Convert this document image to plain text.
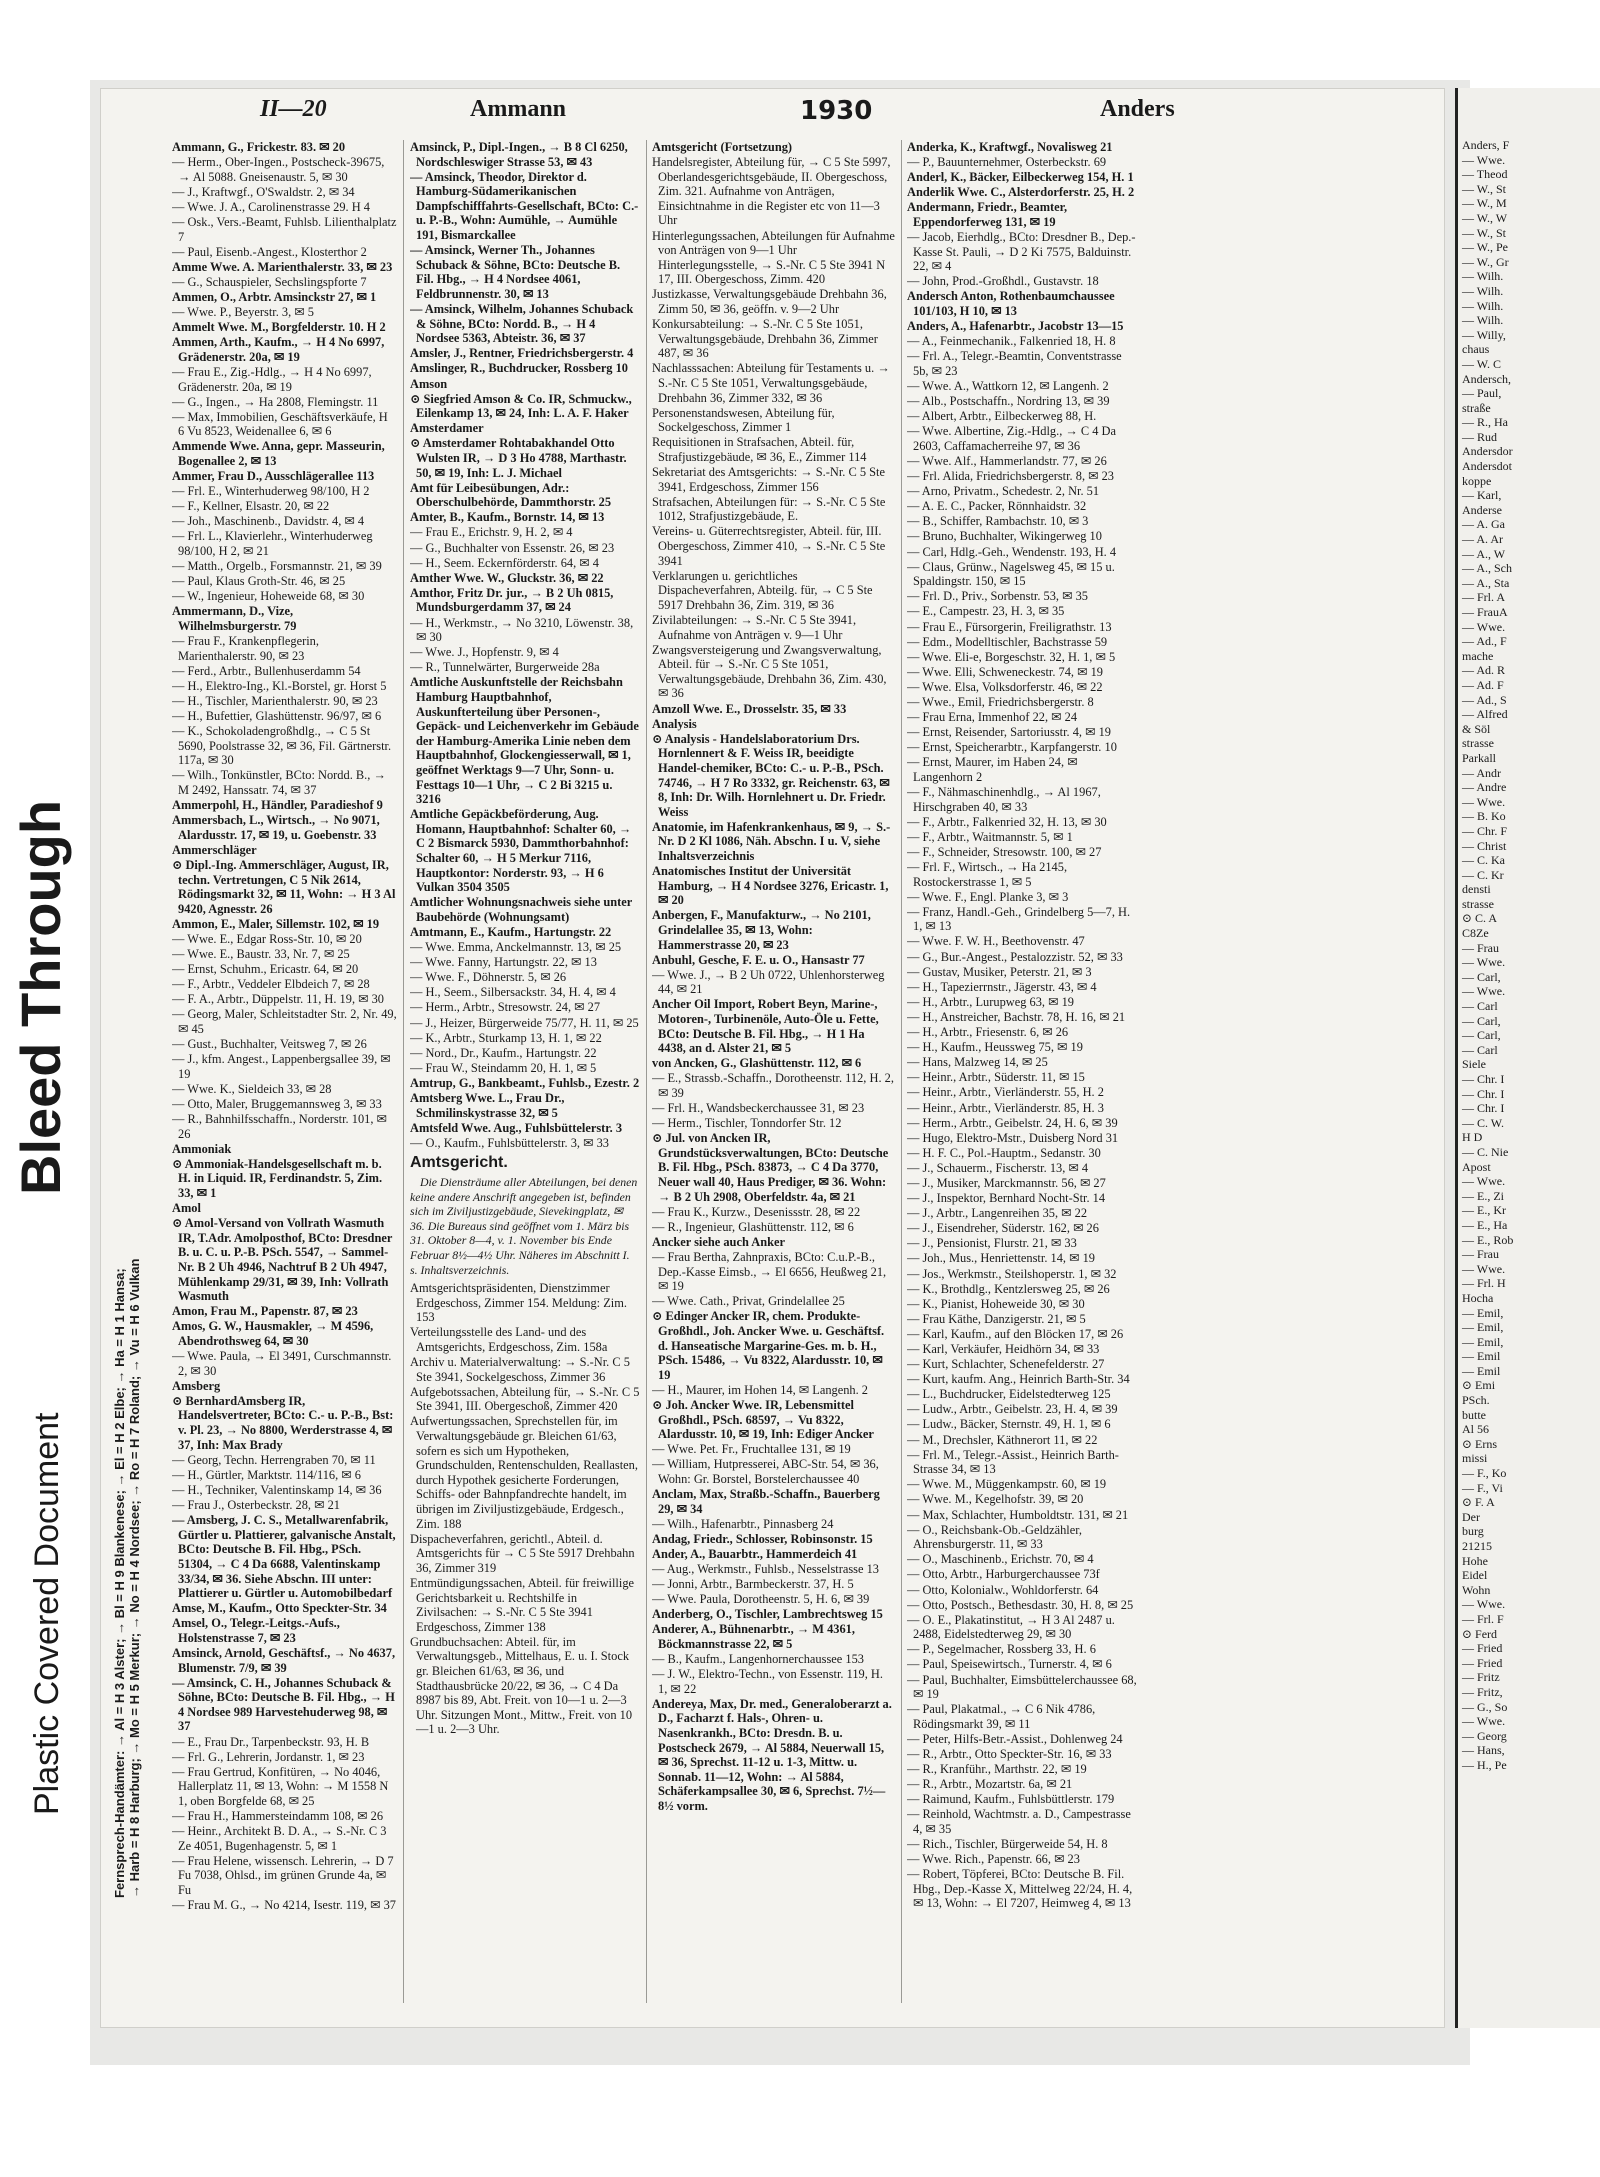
Plastic Covered Document
Bleed Through
II—20	Ammann	1930	Anders
Fernsprech-Handämter: → Al = H 3 Alster; → Bl = H 9 Blankenese; → El = H 2 Elbe; → Ha = H 1 Hansa; → Harb = H 8 Harburg; → Mo = H 5 Merkur; → No = H 4 Nordsee; → Ro = H 7 Roland; → Vu = H 6 Vulkan
Ammann, G., Frickestr. 83. ✉ 20
— Herm., Ober-Ingen., Postscheck-39675, → Al 5088. Gneisenaustr. 5, ✉ 30
— J., Kraftwgf., O'Swaldstr. 2, ✉ 34
— Wwe. J. A., Carolinenstrasse 29. H 4
— Osk., Vers.-Beamt, Fuhlsb. Lilienthalplatz 7
— Paul, Eisenb.-Angest., Klosterthor 2
Amme Wwe. A. Marienthalerstr. 33, ✉ 23
— G., Schauspieler, Sechslingspforte 7
Ammen, O., Arbtr. Amsinckstr 27, ✉ 1
— Wwe. P., Beyerstr. 3, ✉ 5
Ammelt Wwe. M., Borgfelderstr. 10. H 2
Ammen, Arth., Kaufm., → H 4 No 6997, Grädenerstr. 20a, ✉ 19
— Frau E., Zig.-Hdlg., → H 4 No 6997, Grädenerstr. 20a, ✉ 19
— G., Ingen., → Ha 2808, Flemingstr. 11
— Max, Immobilien, Geschäftsverkäufe, H 6 Vu 8523, Weidenallee 6, ✉ 6
Ammende Wwe. Anna, gepr. Masseurin, Bogenallee 2, ✉ 13
Ammer, Frau D., Ausschlägerallee 113
— Frl. E., Winterhuderweg 98/100, H 2
— F., Kellner, Elsastr. 20, ✉ 22
— Joh., Maschinenb., Davidstr. 4, ✉ 4
— Frl. L., Klavierlehr., Winterhuderweg 98/100, H 2, ✉ 21
— Matth., Orgelb., Forsmannstr. 21, ✉ 39
— Paul, Klaus Groth-Str. 46, ✉ 25
— W., Ingenieur, Hoheweide 68, ✉ 30
Ammermann, D., Vize, Wilhelmsburgerstr. 79
— Frau F., Krankenpflegerin, Marienthalerstr. 90, ✉ 23
— Ferd., Arbtr., Bullenhuserdamm 54
— H., Elektro-Ing., Kl.-Borstel, gr. Horst 5
— H., Tischler, Marienthalerstr. 90, ✉ 23
— H., Bufettier, Glashüttenstr. 96/97, ✉ 6
— K., Schokoladengroßhdlg., → C 5 St 5690, Poolstrasse 32, ✉ 36, Fil. Gärtnerstr. 117a, ✉ 30
— Wilh., Tonkünstler, BCto: Nordd. B., → M 2492, Hanssatr. 74, ✉ 37
Ammerpohl, H., Händler, Paradieshof 9
Ammersbach, L., Wirtsch., → No 9071, Alardusstr. 17, ✉ 19, u. Goebenstr. 33
Ammerschläger
⊙ Dipl.-Ing. Ammerschläger, August, IR, techn. Vertretungen, C 5 Nik 2614, Rödingsmarkt 32, ✉ 11, Wohn: → H 3 Al 9420, Agnesstr. 26
Ammon, E., Maler, Sillemstr. 102, ✉ 19
— Wwe. E., Edgar Ross-Str. 10, ✉ 20
— Wwe. E., Baustr. 33, Nr. 7, ✉ 25
— Ernst, Schuhm., Ericastr. 64, ✉ 20
— F., Arbtr., Veddeler Elbdeich 7, ✉ 28
— F. A., Arbtr., Düppelstr. 11, H. 19, ✉ 30
— Georg, Maler, Schleitstadter Str. 2, Nr. 49, ✉ 45
— Gust., Buchhalter, Veitsweg 7, ✉ 26
— J., kfm. Angest., Lappenbergsallee 39, ✉ 19
— Wwe. K., Sieldeich 33, ✉ 28
— Otto, Maler, Bruggemannsweg 3, ✉ 33
— R., Bahnhilfsschaffn., Norderstr. 101, ✉ 26
Ammoniak
⊙ Ammoniak-Handelsgesellschaft m. b. H. in Liquid. IR, Ferdinandstr. 5, Zim. 33, ✉ 1
Amol
⊙ Amol-Versand von Vollrath Wasmuth IR, T.Adr. Amolposthof, BCto: Dresdner B. u. C. u. P.-B. PSch. 5547, → Sammel-Nr. B 2 Uh 4946, Nachtruf B 2 Uh 4947, Mühlenkamp 29/31, ✉ 39, Inh: Vollrath Wasmuth
Amon, Frau M., Papenstr. 87, ✉ 23
Amos, G. W., Hausmakler, → M 4596, Abendrothsweg 64, ✉ 30
— Wwe. Paula, → El 3491, Curschmannstr. 2, ✉ 30
Amsberg
⊙ BernhardAmsberg IR, Handelsvertreter, BCto: C.- u. P.-B., Bst: v. Pl. 23, → No 8800, Werderstrasse 4, ✉ 37, Inh: Max Brady
— Georg, Techn. Herrengraben 70, ✉ 11
— H., Gürtler, Marktstr. 114/116, ✉ 6
— H., Techniker, Valentinskamp 14, ✉ 36
— Frau J., Osterbeckstr. 28, ✉ 21
— Amsberg, J. C. S., Metallwarenfabrik, Gürtler u. Plattierer, galvanische Anstalt, BCto: Deutsche B. Fil. Hbg., PSch. 51304, → C 4 Da 6688, Valentinskamp 33/34, ✉ 36. Siehe Abschn. III unter: Plattierer u. Gürtler u. Automobilbedarf
Amse, M., Kaufm., Otto Speckter-Str. 34
Amsel, O., Telegr.-Leitgs.-Aufs., Holstenstrasse 7, ✉ 23
Amsinck, Arnold, Geschäftsf., → No 4637, Blumenstr. 7/9, ✉ 39
— Amsinck, C. H., Johannes Schuback & Söhne, BCto: Deutsche B. Fil. Hbg., → H 4 Nordsee 989 Harvestehuderweg 98, ✉ 37
— E., Frau Dr., Tarpenbeckstr. 93, H. B
— Frl. G., Lehrerin, Jordanstr. 1, ✉ 23
— Frau Gertrud, Konfitüren, → No 4046, Hallerplatz 11, ✉ 13, Wohn: → M 1558 N 1, oben Borgfelde 68, ✉ 25
— Frau H., Hammersteindamm 108, ✉ 26
— Heinr., Architekt B. D. A., → S.-Nr. C 3 Ze 4051, Bugenhagenstr. 5, ✉ 1
— Frau Helene, wissensch. Lehrerin, → D 7 Fu 7038, Ohlsd., im grünen Grunde 4a, ✉ Fu
— Frau M. G., → No 4214, Isestr. 119, ✉ 37
Amsinck, P., Dipl.-Ingen., → B 8 Cl 6250, Nordschleswiger Strasse 53, ✉ 43
— Amsinck, Theodor, Direktor d. Hamburg-Südamerikanischen Dampfschifffahrts-Gesellschaft, BCto: C.- u. P.-B., Wohn: Aumühle, → Aumühle 191, Bismarckallee
— Amsinck, Werner Th., Johannes Schuback & Söhne, BCto: Deutsche B. Fil. Hbg., → H 4 Nordsee 4061, Feldbrunnenstr. 30, ✉ 13
— Amsinck, Wilhelm, Johannes Schuback & Söhne, BCto: Nordd. B., → H 4 Nordsee 5363, Abteistr. 36, ✉ 37
Amsler, J., Rentner, Friedrichsbergerstr. 4
Amslinger, R., Buchdrucker, Rossberg 10
Amson
⊙ Siegfried Amson & Co. IR, Schmuckw., Eilenkamp 13, ✉ 24, Inh: L. A. F. Haker
Amsterdamer
⊙ Amsterdamer Rohtabakhandel Otto Wulsten IR, → D 3 Ho 4788, Marthastr. 50, ✉ 19, Inh: L. J. Michael
Amt für Leibesübungen, Adr.: Oberschulbehörde, Dammthorstr. 25
Amter, B., Kaufm., Bornstr. 14, ✉ 13
— Frau E., Erichstr. 9, H. 2, ✉ 4
— G., Buchhalter von Essenstr. 26, ✉ 23
— H., Seem. Eckernförderstr. 64, ✉ 4
Amther Wwe. W., Gluckstr. 36, ✉ 22
Amthor, Fritz Dr. jur., → B 2 Uh 0815, Mundsburgerdamm 37, ✉ 24
— H., Werkmstr., → No 3210, Löwenstr. 38, ✉ 30
— Wwe. J., Hopfenstr. 9, ✉ 4
— R., Tunnelwärter, Burgerweide 28a
Amtliche Auskunftstelle der Reichsbahn Hamburg Hauptbahnhof, Auskunfterteilung über Personen-, Gepäck- und Leichenverkehr im Gebäude der Hamburg-Amerika Linie neben dem Hauptbahnhof, Glockengiesserwall, ✉ 1, geöffnet Werktags 9—7 Uhr, Sonn- u. Festtags 10—1 Uhr, → C 2 Bi 3215 u. 3216
Amtliche Gepäckbeförderung, Aug. Homann, Hauptbahnhof: Schalter 60, → C 2 Bismarck 5930, Dammthorbahnhof: Schalter 60, → H 5 Merkur 7116, Hauptkontor: Norderstr. 93, → H 6 Vulkan 3504 3505
Amtlicher Wohnungsnachweis siehe unter Baubehörde (Wohnungsamt)
Amtmann, E., Kaufm., Hartungstr. 22
— Wwe. Emma, Anckelmannstr. 13, ✉ 25
— Wwe. Fanny, Hartungstr. 22, ✉ 13
— Wwe. F., Döhnerstr. 5, ✉ 26
— H., Seem., Silbersackstr. 34, H. 4, ✉ 4
— Herm., Arbtr., Stresowstr. 24, ✉ 27
— J., Heizer, Bürgerweide 75/77, H. 11, ✉ 25
— K., Arbtr., Sturkamp 13, H. 1, ✉ 22
— Nord., Dr., Kaufm., Hartungstr. 22
— Frau W., Steindamm 20, H. 1, ✉ 5
Amtrup, G., Bankbeamt., Fuhlsb., Ezestr. 2
Amtsberg Wwe. L., Frau Dr., Schmilinskystrasse 32, ✉ 5
Amtsfeld Wwe. Aug., Fuhlsbüttelerstr. 3
— O., Kaufm., Fuhlsbüttelerstr. 3, ✉ 33
Amtsgericht.
Die Diensträume aller Abteilungen, bei denen keine andere Anschrift angegeben ist, befinden sich im Ziviljustizgebäude, Sievekingplatz, ✉ 36. Die Bureaus sind geöffnet vom 1. März bis 31. Oktober 8—4, v. 1. November bis Ende Februar 8½—4½ Uhr. Näheres im Abschnitt I. s. Inhaltsverzeichnis.
Amtsgerichtspräsidenten, Dienstzimmer Erdgeschoss, Zimmer 154. Meldung: Zim. 153
Verteilungsstelle des Land- und des Amtsgerichts, Erdgeschoss, Zim. 158a
Archiv u. Materialverwaltung: → S.-Nr. C 5 Ste 3941, Sockelgeschoss, Zimmer 36
Aufgebotssachen, Abteilung für, → S.-Nr. C 5 Ste 3941, III. Obergeschoß, Zimmer 420
Aufwertungssachen, Sprechstellen für, im Verwaltungsgebäude gr. Bleichen 61/63, sofern es sich um Hypotheken, Grundschulden, Rentenschulden, Reallasten, durch Hypothek gesicherte Forderungen, Schiffs- oder Bahnpfandrechte handelt, im übrigen im Ziviljustizgebäude, Erdgesch., Zim. 188
Dispacheverfahren, gerichtl., Abteil. d. Amtsgerichts für → C 5 Ste 5917 Drehbahn 36, Zimmer 319
Entmündigungssachen, Abteil. für freiwillige Gerichtsbarkeit u. Rechtshilfe in Zivilsachen: → S.-Nr. C 5 Ste 3941 Erdgeschoss, Zimmer 138
Grundbuchsachen: Abteil. für, im Verwaltungsgeb., Mittelhaus, E. u. I. Stock gr. Bleichen 61/63, ✉ 36, und Stadthausbrücke 20/22, ✉ 36, → C 4 Da 8987 bis 89, Abt. Freit. von 10—1 u. 2—3 Uhr. Sitzungen Mont., Mittw., Freit. von 10—1 u. 2—3 Uhr.
Amtsgericht (Fortsetzung)
Handelsregister, Abteilung für, → C 5 Ste 5997, Oberlandesgerichtsgebäude, II. Obergeschoss, Zim. 321. Aufnahme von Anträgen, Einsichtnahme in die Register etc von 11—3 Uhr
Hinterlegungssachen, Abteilungen für Aufnahme von Anträgen von 9—1 Uhr Hinterlegungsstelle, → S.-Nr. C 5 Ste 3941 N 17, III. Obergeschoss, Zimm. 420
Justizkasse, Verwaltungsgebäude Drehbahn 36, Zimm 50, ✉ 36, geöffn. v. 9—2 Uhr
Konkursabteilung: → S.-Nr. C 5 Ste 1051, Verwaltungsgebäude, Drehbahn 36, Zimmer 487, ✉ 36
Nachlasssachen: Abteilung für Testaments u. → S.-Nr. C 5 Ste 1051, Verwaltungsgebäude, Drehbahn 36, Zimmer 332, ✉ 36
Personenstandswesen, Abteilung für, Sockelgeschoss, Zimmer 1
Requisitionen in Strafsachen, Abteil. für, Strafjustizgebäude, ✉ 36, E., Zimmer 114
Sekretariat des Amtsgerichts: → S.-Nr. C 5 Ste 3941, Erdgeschoss, Zimmer 156
Strafsachen, Abteilungen für: → S.-Nr. C 5 Ste 1012, Strafjustizgebäude, E.
Vereins- u. Güterrechtsregister, Abteil. für, III. Obergeschoss, Zimmer 410, → S.-Nr. C 5 Ste 3941
Verklarungen u. gerichtliches Dispacheverfahren, Abteilg. für, → C 5 Ste 5917 Drehbahn 36, Zim. 319, ✉ 36
Zivilabteilungen: → S.-Nr. C 5 Ste 3941, Aufnahme von Anträgen v. 9—1 Uhr
Zwangsversteigerung und Zwangsverwaltung, Abteil. für → S.-Nr. C 5 Ste 1051, Verwaltungsgebäude, Drehbahn 36, Zim. 430, ✉ 36
Amzoll Wwe. E., Drosselstr. 35, ✉ 33
Analysis
⊙ Analysis - Handelslaboratorium Drs. Hornlennert & F. Weiss IR, beeidigte Handel-chemiker, BCto: C.- u. P.-B., PSch. 74746, → H 7 Ro 3332, gr. Reichenstr. 63, ✉ 8, Inh: Dr. Wilh. Hornlehnert u. Dr. Friedr. Weiss
Anatomie, im Hafenkrankenhaus, ✉ 9, → S.-Nr. D 2 Kl 1086, Näh. Abschn. I u. V, siehe Inhaltsverzeichnis
Anatomisches Institut der Universität Hamburg, → H 4 Nordsee 3276, Ericastr. 1, ✉ 20
Anbergen, F., Manufakturw., → No 2101, Grindelallee 35, ✉ 13, Wohn: Hammerstrasse 20, ✉ 23
Anbuhl, Gesche, F. E. u. O., Hansastr 77
— Wwe. J., → B 2 Uh 0722, Uhlenhorsterweg 44, ✉ 21
Ancher Oil Import, Robert Beyn, Marine-, Motoren-, Turbinenöle, Auto-Öle u. Fette, BCto: Deutsche B. Fil. Hbg., → H 1 Ha 4438, an d. Alster 21, ✉ 5
von Ancken, G., Glashüttenstr. 112, ✉ 6
— E., Strassb.-Schaffn., Dorotheenstr. 112, H. 2, ✉ 39
— Frl. H., Wandsbeckerchaussee 31, ✉ 23
— Herm., Tischler, Tonndorfer Str. 12
⊙ Jul. von Ancken IR, Grundstücksverwaltungen, BCto: Deutsche B. Fil. Hbg., PSch. 83873, → C 4 Da 3770, Neuer wall 40, Haus Prediger, ✉ 36. Wohn: → B 2 Uh 2908, Oberfeldstr. 4a, ✉ 21
— Frau K., Kurzw., Desenissstr. 28, ✉ 22
— R., Ingenieur, Glashüttenstr. 112, ✉ 6
Ancker siehe auch Anker
— Frau Bertha, Zahnpraxis, BCto: C.u.P.-B., Dep.-Kasse Eimsb., → El 6656, Heußweg 21, ✉ 19
— Wwe. Cath., Privat, Grindelallee 25
⊙ Edinger Ancker IR, chem. Produkte-Großhdl., Joh. Ancker Wwe. u. Geschäftsf. d. Hanseatische Margarine-Ges. m. b. H., PSch. 15486, → Vu 8322, Alardusstr. 10, ✉ 19
— H., Maurer, im Hohen 14, ✉ Langenh. 2
⊙ Joh. Ancker Wwe. IR, Lebensmittel Großhdl., PSch. 68597, → Vu 8322, Alardusstr. 10, ✉ 19, Inh: Ediger Ancker
— Wwe. Pet. Fr., Fruchtallee 131, ✉ 19
— William, Hutpresserei, ABC-Str. 54, ✉ 36, Wohn: Gr. Borstel, Borstelerchaussee 40
Anclam, Max, Straßb.-Schaffn., Bauerberg 29, ✉ 34
— Wilh., Hafenarbtr., Pinnasberg 24
Andag, Friedr., Schlosser, Robinsonstr. 15
Ander, A., Bauarbtr., Hammerdeich 41
— Aug., Werkmstr., Fuhlsb., Nesselstrasse 13
— Jonni, Arbtr., Barmbeckerstr. 37, H. 5
— Wwe. Paula, Dorotheenstr. 5, H. 6, ✉ 39
Anderberg, O., Tischler, Lambrechtsweg 15
Anderer, A., Bühnenarbtr., → M 4361, Böckmannstrasse 22, ✉ 5
— B., Kaufm., Langenhornerchaussee 153
— J. W., Elektro-Techn., von Essenstr. 119, H. 1, ✉ 22
Andereya, Max, Dr. med., Generaloberarzt a. D., Facharzt f. Hals-, Ohren- u. Nasenkrankh., BCto: Dresdn. B. u. Postscheck 2679, → Al 5884, Neuerwall 15, ✉ 36, Sprechst. 11-12 u. 1-3, Mittw. u. Sonnab. 11—12, Wohn: → Al 5884, Schäferkampsallee 30, ✉ 6, Sprechst. 7½—8½ vorm.
Anderka, K., Kraftwgf., Novalisweg 21
— P., Bauunternehmer, Osterbeckstr. 69
Anderl, K., Bäcker, Eilbeckerweg 154, H. 1
Anderlik Wwe. C., Alsterdorferstr. 25, H. 2
Andermann, Friedr., Beamter, Eppendorferweg 131, ✉ 19
— Jacob, Eierhdlg., BCto: Dresdner B., Dep.-Kasse St. Pauli, → D 2 Ki 7575, Balduinstr. 22, ✉ 4
— John, Prod.-Großhdl., Gustavstr. 18
Andersch Anton, Rothenbaumchaussee 101/103, H 10, ✉ 13
Anders, A., Hafenarbtr., Jacobstr 13—15
— A., Feinmechanik., Falkenried 18, H. 8
— Frl. A., Telegr.-Beamtin, Conventstrasse 5b, ✉ 23
— Wwe. A., Wattkorn 12, ✉ Langenh. 2
— Alb., Postschaffn., Nordring 13, ✉ 39
— Albert, Arbtr., Eilbeckerweg 88, H.
— Wwe. Albertine, Zig.-Hdlg., → C 4 Da 2603, Caffamacherreihe 97, ✉ 36
— Wwe. Alf., Hammerlandstr. 77, ✉ 26
— Frl. Alida, Friedrichsbergerstr. 8, ✉ 23
— Arno, Privatm., Schedestr. 2, Nr. 51
— A. E. C., Packer, Rönnhaidstr. 32
— B., Schiffer, Rambachstr. 10, ✉ 3
— Bruno, Buchhalter, Wikingerweg 10
— Carl, Hdlg.-Geh., Wendenstr. 193, H. 4
— Claus, Grünw., Nagelsweg 45, ✉ 15 u. Spaldingstr. 150, ✉ 15
— Frl. D., Priv., Sorbenstr. 53, ✉ 35
— E., Campestr. 23, H. 3, ✉ 35
— Frau E., Fürsorgerin, Freiligrathstr. 13
— Edm., Modelltischler, Bachstrasse 59
— Wwe. Eli-e, Borgeschstr. 32, H. 1, ✉ 5
— Wwe. Elli, Schweneckestr. 74, ✉ 19
— Wwe. Elsa, Volksdorferstr. 46, ✉ 22
— Wwe., Emil, Friedrichsbergerstr. 8
— Frau Erna, Immenhof 22, ✉ 24
— Ernst, Reisender, Sartoriusstr. 4, ✉ 19
— Ernst, Speicherarbtr., Karpfangerstr. 10
— Ernst, Maurer, im Haben 24, ✉ Langenhorn 2
— F., Nähmaschinenhdlg., → Al 1967, Hirschgraben 40, ✉ 33
— F., Arbtr., Falkenried 32, H. 13, ✉ 30
— F., Arbtr., Waitmannstr. 5, ✉ 1
— F., Schneider, Stresowstr. 100, ✉ 27
— Frl. F., Wirtsch., → Ha 2145, Rostockerstrasse 1, ✉ 5
— Wwe. F., Engl. Planke 3, ✉ 3
— Franz, Handl.-Geh., Grindelberg 5—7, H. 1, ✉ 13
— Wwe. F. W. H., Beethovenstr. 47
— G., Bur.-Angest., Pestalozzistr. 52, ✉ 33
— Gustav, Musiker, Peterstr. 21, ✉ 3
— H., Tapezierrnstr., Jägerstr. 43, ✉ 4
— H., Arbtr., Lurupweg 63, ✉ 19
— H., Anstreicher, Bachstr. 78, H. 16, ✉ 21
— H., Arbtr., Friesenstr. 6, ✉ 26
— H., Kaufm., Heussweg 75, ✉ 19
— Hans, Malzweg 14, ✉ 25
— Heinr., Arbtr., Süderstr. 11, ✉ 15
— Heinr., Arbtr., Vierländerstr. 55, H. 2
— Heinr., Arbtr., Vierländerstr. 85, H. 3
— Herm., Arbtr., Geibelstr. 24, H. 6, ✉ 39
— Hugo, Elektro-Mstr., Duisberg Nord 31
— H. F. C., Pol.-Hauptm., Sedanstr. 30
— J., Schauerm., Fischerstr. 13, ✉ 4
— J., Musiker, Marckmannstr. 56, ✉ 27
— J., Inspektor, Bernhard Nocht-Str. 14
— J., Arbtr., Langenreihen 35, ✉ 22
— J., Eisendreher, Süderstr. 162, ✉ 26
— J., Pensionist, Flurstr. 21, ✉ 33
— Joh., Mus., Henriettenstr. 14, ✉ 19
— Jos., Werkmstr., Steilshoperstr. 1, ✉ 32
— K., Brothdlg., Kentzlersweg 25, ✉ 26
— K., Pianist, Hoheweide 30, ✉ 30
— Frau Käthe, Danzigerstr. 21, ✉ 5
— Karl, Kaufm., auf den Blöcken 17, ✉ 26
— Karl, Verkäufer, Heidhörn 34, ✉ 33
— Kurt, Schlachter, Schenefelderstr. 27
— Kurt, kaufm. Ang., Heinrich Barth-Str. 34
— L., Buchdrucker, Eidelstedterweg 125
— Ludw., Arbtr., Geibelstr. 23, H. 4, ✉ 39
— Ludw., Bäcker, Sternstr. 49, H. 1, ✉ 6
— M., Drechsler, Käthnerort 11, ✉ 22
— Frl. M., Telegr.-Assist., Heinrich Barth-Strasse 34, ✉ 13
— Wwe. M., Müggenkampstr. 60, ✉ 19
— Wwe. M., Kegelhofstr. 39, ✉ 20
— Max, Schlachter, Humboldtstr. 131, ✉ 21
— O., Reichsbank-Ob.-Geldzähler, Ahrensburgerstr. 11, ✉ 33
— O., Maschinenb., Erichstr. 70, ✉ 4
— Otto, Arbtr., Harburgerchaussee 73f
— Otto, Kolonialw., Wohldorferstr. 64
— Otto, Postsch., Bethesdastr. 30, H. 8, ✉ 25
— O. E., Plakatinstitut, → H 3 Al 2487 u. 2488, Eidelstedterweg 29, ✉ 30
— P., Segelmacher, Rossberg 33, H. 6
— Paul, Speisewirtsch., Turnerstr. 4, ✉ 6
— Paul, Buchhalter, Eimsbüttelerchaussee 68, ✉ 19
— Paul, Plakatmal., → C 6 Nik 4786, Rödingsmarkt 39, ✉ 11
— Peter, Hilfs-Betr.-Assist., Dohlenweg 24
— R., Arbtr., Otto Speckter-Str. 16, ✉ 33
— R., Kranführ., Marthstr. 22, ✉ 19
— R., Arbtr., Mozartstr. 6a, ✉ 21
— Raimund, Kaufm., Fuhlsbüttlerstr. 179
— Reinhold, Wachtmstr. a. D., Campestrasse 4, ✉ 35
— Rich., Tischler, Bürgerweide 54, H. 8
— Wwe. Rich., Papenstr. 66, ✉ 23
— Robert, Töpferei, BCto: Deutsche B. Fil. Hbg., Dep.-Kasse X, Mittelweg 22/24, H. 4, ✉ 13, Wohn: → El 7207, Heimweg 4, ✉ 13
Anders, F
— Wwe.
— Theod
— W., St
— W., M
— W., W
— W., St
— W., Pe
— W., Gr
— Wilh.
— Wilh.
— Wilh.
— Wilh.
— Willy,
chaus
— W. C
Andersch,
— Paul,
straße
— R., Ha
— Rud
Andersdor
Andersdot
koppe
— Karl,
Anderse
— A. Ga
— A. Ar
— A., W
— A., Sch
— A., Sta
— Frl. A
— FrauA
— Wwe.
— Ad., F
mache
— Ad. R
— Ad. F
— Ad., S
— Alfred
& Söl
strasse
Parkall
— Andr
— Andre
— Wwe.
— B. Ko
— Chr. F
— Christ
— C. Ka
— C. Kr
densti
strasse
⊙ C. A
C8Ze
— Frau
— Wwe.
— Carl,
— Wwe.
— Carl
— Carl,
— Carl,
— Carl
Siele
— Chr. I
— Chr. I
— Chr. I
— C. W.
H D
— C. Nie
Apost
— Wwe.
— E., Zi
— E., Kr
— E., Ha
— E., Rob
— Frau
— Wwe.
— Frl. H
Hocha
— Emil,
— Emil,
— Emil,
— Emil
— Emil
⊙ Emi
PSch.
butte
Al 56
⊙ Erns
missi
— F., Ko
— F., Vi
⊙ F. A
Der
burg
21215
Hohe
Eidel
Wohn
— Wwe.
— Frl. F
⊙ Ferd
— Fried
— Fried
— Fritz
— Fritz,
— G., So
— Wwe.
— Georg
— Hans,
— H., Pe
